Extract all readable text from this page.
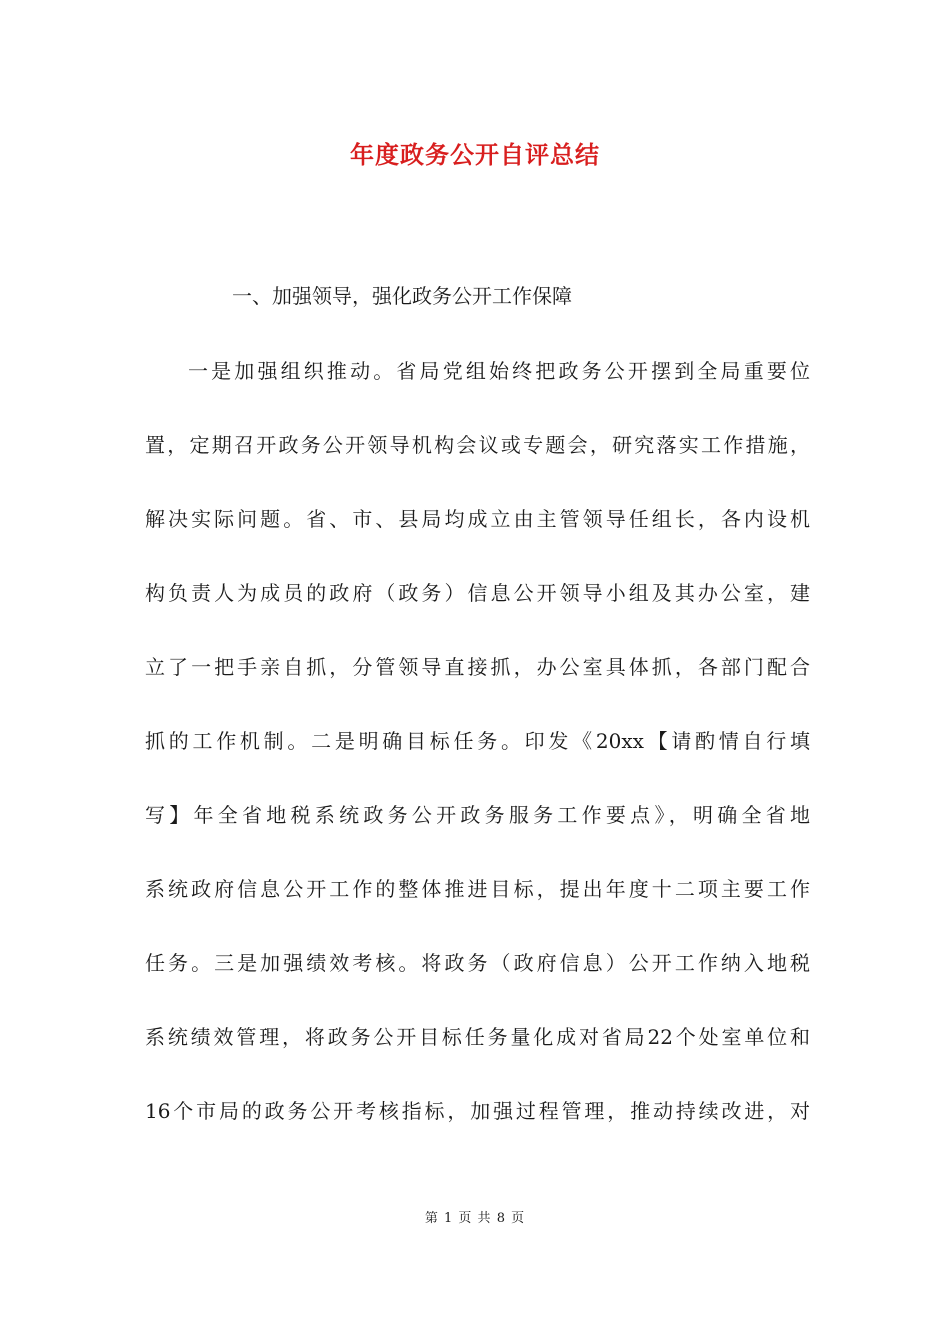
年度政务公开自评总结
一、加强领导，强化政务公开工作保障
一是加强组织推动。省局党组始终把政务公开摆到全局重要位
置，定期召开政务公开领导机构会议或专题会，研究落实工作措施，
解决实际问题。省、市、县局均成立由主管领导任组长，各内设机
构负责人为成员的政府（政务）信息公开领导小组及其办公室，建
立了一把手亲自抓，分管领导直接抓，办公室具体抓，各部门配合
抓的工作机制。二是明确目标任务。印发《20xx【请酌情自行填
写】年全省地税系统政务公开政务服务工作要点》，明确全省地
系统政府信息公开工作的整体推进目标，提出年度十二项主要工作
任务。三是加强绩效考核。将政务（政府信息）公开工作纳入地税
系统绩效管理，将政务公开目标任务量化成对省局22个处室单位和
16个市局的政务公开考核指标，加强过程管理，推动持续改进，对
第 1 页 共 8 页
